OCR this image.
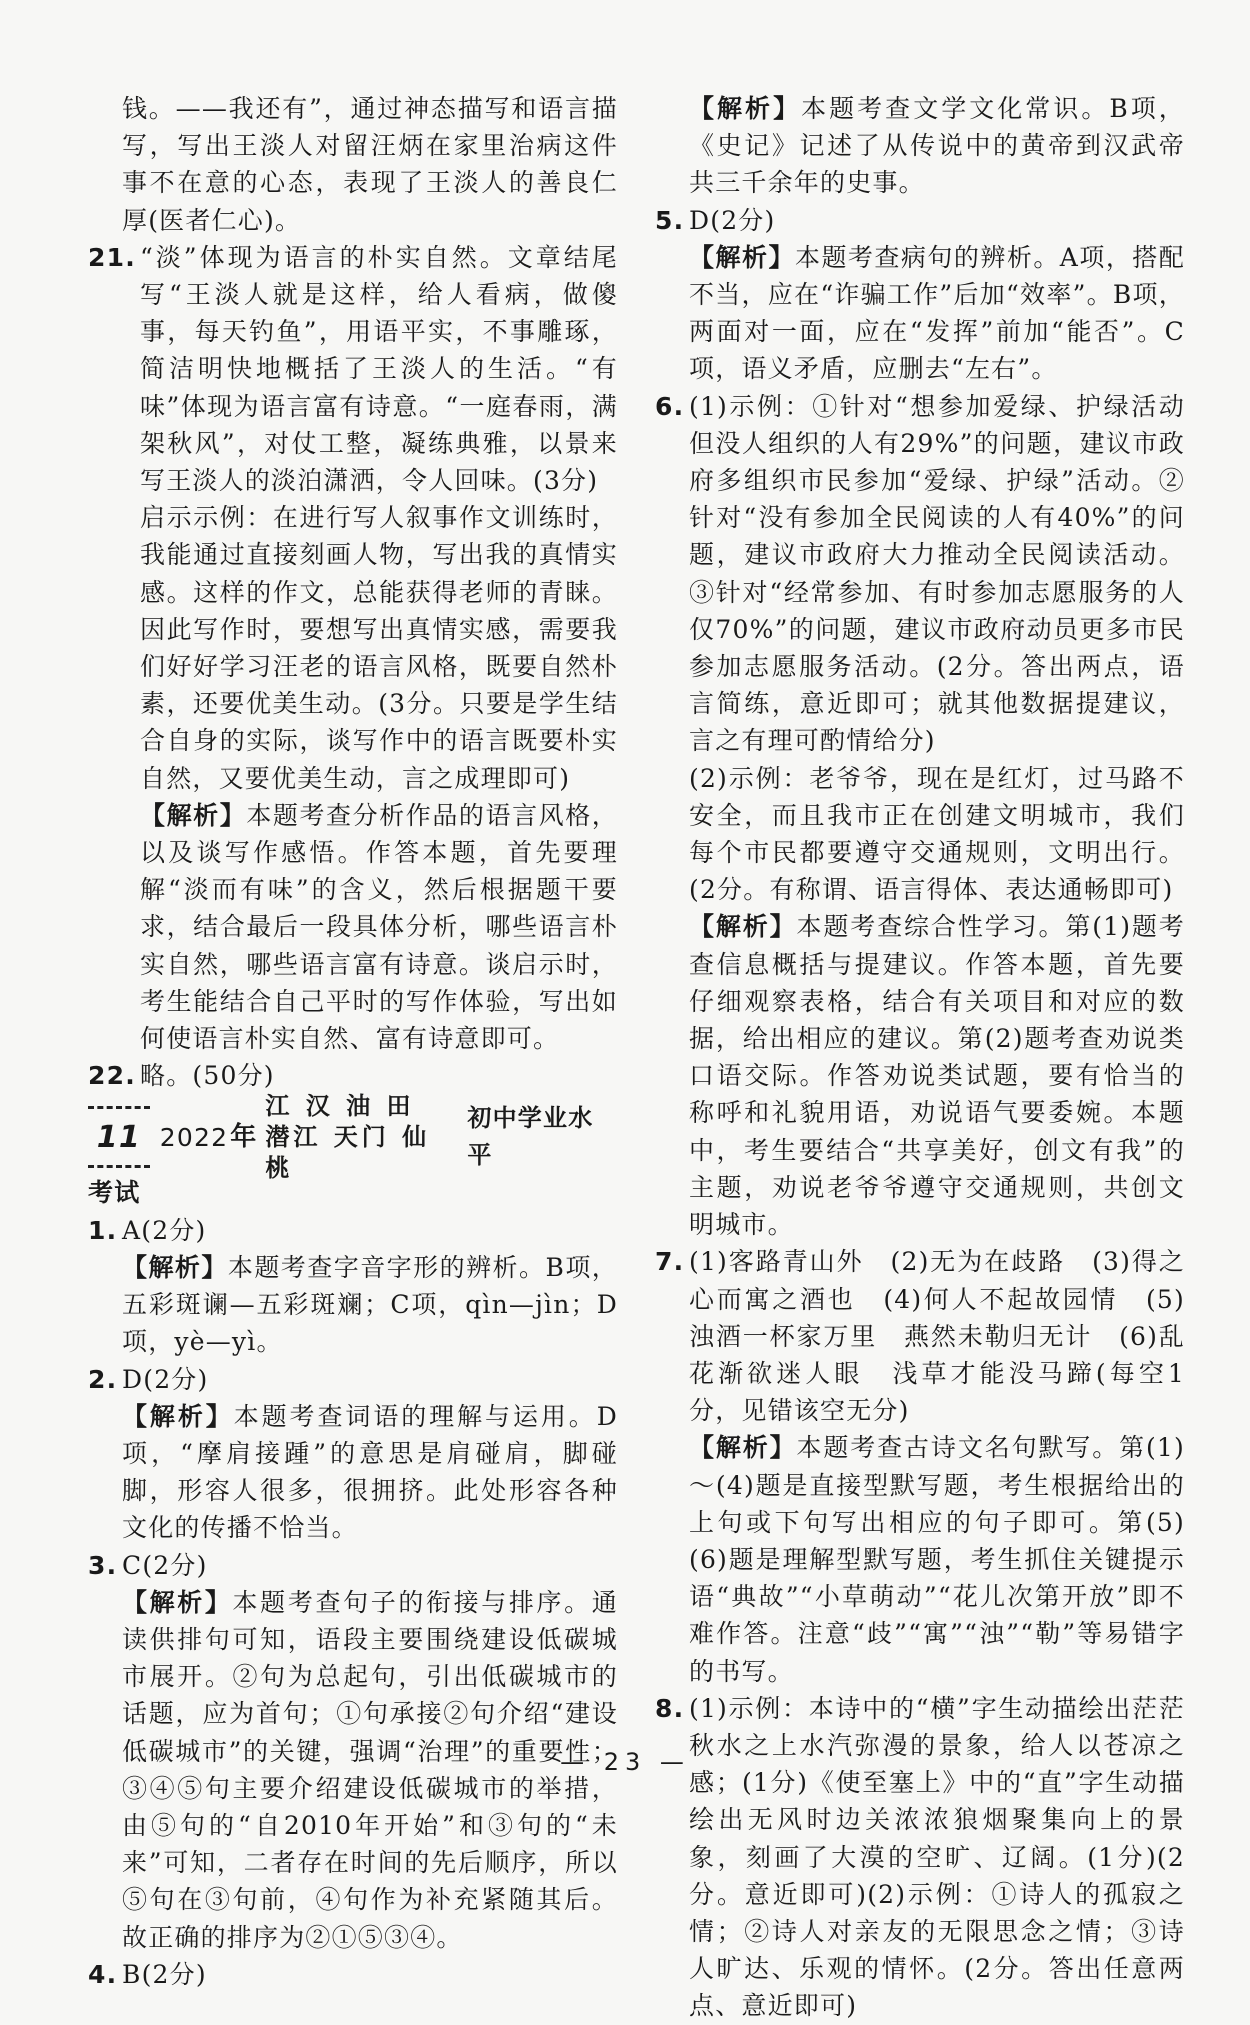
钱。——我还有”，通过神态描写和语言描写，写出王淡人对留汪炳在家里治病这件事不在意的心态，表现了王淡人的善良仁厚(医者仁心)。

21. “淡”体现为语言的朴实自然。文章结尾写“王淡人就是这样，给人看病，做傻事，每天钓鱼”，用语平实，不事雕琢，简洁明快地概括了王淡人的生活。“有味”体现为语言富有诗意。“一庭春雨，满架秋风”，对仗工整，凝练典雅，以景来写王淡人的淡泊潇洒，令人回味。(3分)

启示示例：在进行写人叙事作文训练时，我能通过直接刻画人物，写出我的真情实感。这样的作文，总能获得老师的青睐。因此写作时，要想写出真情实感，需要我们好好学习汪老的语言风格，既要自然朴素，还要优美生动。(3分。只要是学生结合自身的实际，谈写作中的语言既要朴实自然，又要优美生动，言之成理即可)

【解析】本题考查分析作品的语言风格，以及谈写作感悟。作答本题，首先要理解“淡而有味”的含义，然后根据题干要求，结合最后一段具体分析，哪些语言朴实自然，哪些语言富有诗意。谈启示时，考生能结合自己平时的写作体验，写出如何使语言朴实自然、富有诗意即可。

22. 略。(50分)
11 2022 年
江 汉 油 田
潜江 天门 仙桃
初中学业水平

考试

1. A(2分)

【解析】本题考查字音字形的辨析。B项，五彩斑谰—五彩斑斓；C项，qìn—jìn；D项，yè—yì。

2. D(2分)

【解析】本题考查词语的理解与运用。D项，“摩肩接踵”的意思是肩碰肩，脚碰脚，形容人很多，很拥挤。此处形容各种文化的传播不恰当。

3. C(2分)

【解析】本题考查句子的衔接与排序。通读供排句可知，语段主要围绕建设低碳城市展开。②句为总起句，引出低碳城市的话题，应为首句；①句承接②句介绍“建设低碳城市”的关键，强调“治理”的重要性；③④⑤句主要介绍建设低碳城市的举措，由⑤句的“自2010年开始”和③句的“未来”可知，二者存在时间的先后顺序，所以⑤句在③句前，④句作为补充紧随其后。故正确的排序为②①⑤③④。

4. B(2分)

【解析】本题考查文学文化常识。B项，《史记》记述了从传说中的黄帝到汉武帝共三千余年的史事。

5. D(2分)

【解析】本题考查病句的辨析。A项，搭配不当，应在“诈骗工作”后加“效率”。B项，两面对一面，应在“发挥”前加“能否”。C项，语义矛盾，应删去“左右”。

6. (1)示例：①针对“想参加爱绿、护绿活动但没人组织的人有29%”的问题，建议市政府多组织市民参加“爱绿、护绿”活动。②针对“没有参加全民阅读的人有40%”的问题，建议市政府大力推动全民阅读活动。③针对“经常参加、有时参加志愿服务的人仅70%”的问题，建议市政府动员更多市民参加志愿服务活动。(2分。答出两点，语言简练，意近即可；就其他数据提建议，言之有理可酌情给分)

(2)示例：老爷爷，现在是红灯，过马路不安全，而且我市正在创建文明城市，我们每个市民都要遵守交通规则，文明出行。(2分。有称谓、语言得体、表达通畅即可)

【解析】本题考查综合性学习。第(1)题考查信息概括与提建议。作答本题，首先要仔细观察表格，结合有关项目和对应的数据，给出相应的建议。第(2)题考查劝说类口语交际。作答劝说类试题，要有恰当的称呼和礼貌用语，劝说语气要委婉。本题中，考生要结合“共享美好，创文有我”的主题，劝说老爷爷遵守交通规则，共创文明城市。

7. (1)客路青山外　(2)无为在歧路　(3)得之心而寓之酒也　(4)何人不起故园情　(5)浊酒一杯家万里　燕然未勒归无计　(6)乱花渐欲迷人眼　浅草才能没马蹄(每空1分，见错该空无分)

【解析】本题考查古诗文名句默写。第(1)～(4)题是直接型默写题，考生根据给出的上句或下句写出相应的句子即可。第(5)(6)题是理解型默写题，考生抓住关键提示语“典故”“小草萌动”“花儿次第开放”即不难作答。注意“歧”“寓”“浊”“勒”等易错字的书写。

8. (1)示例：本诗中的“横”字生动描绘出茫茫秋水之上水汽弥漫的景象，给人以苍凉之感；(1分)《使至塞上》中的“直”字生动描绘出无风时边关浓浓狼烟聚集向上的景象，刻画了大漠的空旷、辽阔。(1分)(2分。意近即可)(2)示例：①诗人的孤寂之情；②诗人对亲友的无限思念之情；③诗人旷达、乐观的情怀。(2分。答出任意两点、意近即可)

— 23 —
